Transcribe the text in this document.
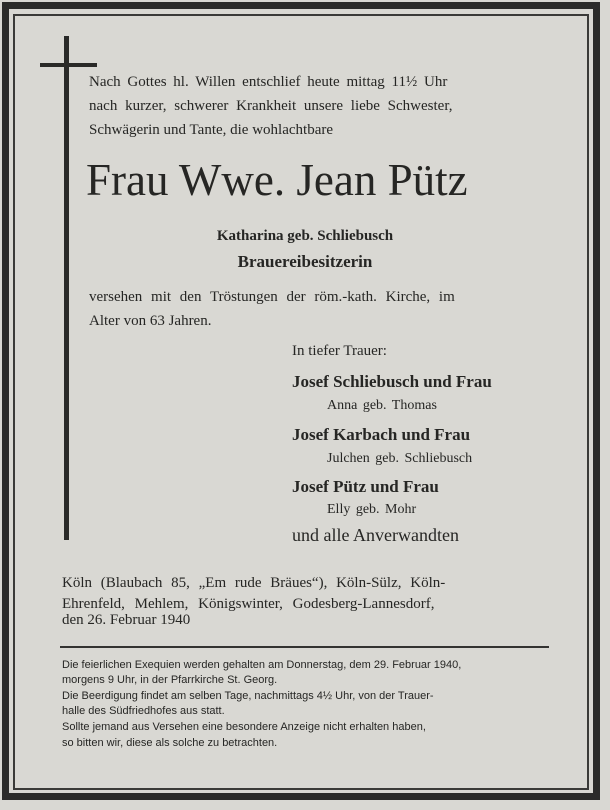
Nach Gottes hl. Willen entschlief heute mittag 11½ Uhr
nach kurzer, schwerer Krankheit unsere liebe Schwester,
Schwägerin und Tante, die wohlachtbare
Frau Wwe. Jean Pütz
Katharina geb. Schliebusch
Brauereibesitzerin
versehen mit den Tröstungen der röm.-kath. Kirche, im
Alter von 63 Jahren.
In tiefer Trauer:
Josef Schliebusch und Frau
Anna geb. Thomas
Josef Karbach und Frau
Julchen geb. Schliebusch
Josef Pütz und Frau
Elly geb. Mohr
und alle Anverwandten
Köln (Blaubach 85, „Em rude Bräues“), Köln-Sülz, Köln-
Ehrenfeld, Mehlem, Königswinter, Godesberg-Lannesdorf,
den 26. Februar 1940
Die feierlichen Exequien werden gehalten am Donnerstag, dem 29. Februar 1940,
morgens 9 Uhr, in der Pfarrkirche St. Georg.
Die Beerdigung findet am selben Tage, nachmittags 4½ Uhr, von der Trauer-
halle des Südfriedhofes aus statt.
Sollte jemand aus Versehen eine besondere Anzeige nicht erhalten haben,
so bitten wir, diese als solche zu betrachten.
